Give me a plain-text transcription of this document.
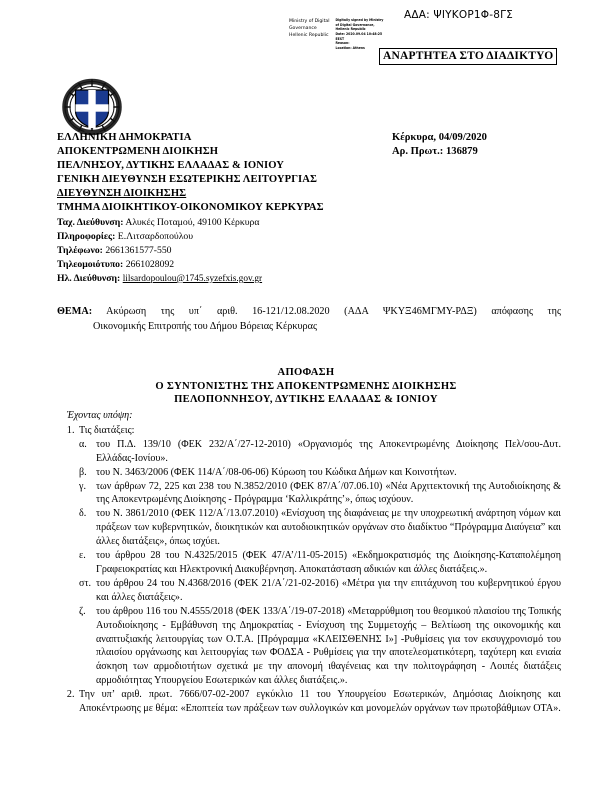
ΑΔΑ: ΨΙΥΚΟΡ1Φ-8ΓΣ
Ministry of Digital
Governance
Hellenic Republic
Digitally signed by Ministry
of Digital Governance,
Hellenic Republic
Date: 2020.09.04 10:48:25
EEST
Reason:
Location: Athens
ΑΝΑΡΤΗΤΕΑ ΣΤΟ ΔΙΑΔΙΚΤΥΟ
ΕΛΛΗΝΙΚΗ ΔΗΜΟΚΡΑΤΙΑ
ΑΠΟΚΕΝΤΡΩΜΕΝΗ ΔΙΟΙΚΗΣΗ
ΠΕΛ/ΝΗΣΟΥ, ΔΥΤΙΚΗΣ ΕΛΛΑΔΑΣ & ΙΟΝΙΟΥ
ΓΕΝΙΚΗ ΔΙΕΥΘΥΝΣΗ ΕΣΩΤΕΡΙΚΗΣ ΛΕΙΤΟΥΡΓΙΑΣ
ΔΙΕΥΘΥΝΣΗ ΔΙΟΙΚΗΣΗΣ
ΤΜΗΜΑ ΔΙΟΙΚΗΤΙΚΟΥ-ΟΙΚΟΝΟΜΙΚΟΥ ΚΕΡΚΥΡΑΣ
Ταχ. Διεύθυνση: Αλυκές Ποταμού, 49100 Κέρκυρα
Πληροφορίες: Ε.Λιτσαρδοπούλου
Τηλέφωνο: 2661361577-550
Τηλεομοιότυπο: 2661028092
Ηλ. Διεύθυνση: lilsardopoulou@1745.syzefxis.gov.gr
Κέρκυρα, 04/09/2020
Αρ. Πρωτ.: 136879
ΘΕΜΑ: Ακύρωση της υπ΄ αριθ. 16-121/12.08.2020 (ΑΔΑ ΨΚΥΞ46ΜΓΜΥ-ΡΔΞ) απόφασης της
Οικονομικής Επιτροπής του Δήμου Βόρειας Κέρκυρας
ΑΠΟΦΑΣΗ
Ο ΣΥΝΤΟΝΙΣΤΗΣ ΤΗΣ ΑΠΟΚΕΝΤΡΩΜΕΝΗΣ ΔΙΟΙΚΗΣΗΣ
ΠΕΛΟΠΟΝΝΗΣΟΥ, ΔΥΤΙΚΗΣ ΕΛΛΑΔΑΣ & ΙΟΝΙΟΥ
Έχοντας υπόψη:
1. Τις διατάξεις:
α. του Π.Δ. 139/10 (ΦΕΚ 232/Α΄/27-12-2010) «Οργανισμός της Αποκεντρωμένης Διοίκησης Πελ/σου-Δυτ. Ελλάδας-Ιονίου».
β. του Ν. 3463/2006 (ΦΕΚ 114/Α΄/08-06-06) Κύρωση του Κώδικα Δήμων και Κοινοτήτων.
γ. των άρθρων 72, 225 και 238 του Ν.3852/2010 (ΦΕΚ 87/Α΄/07.06.10) «Νέα Αρχιτεκτονική της Αυτοδιοίκησης & της Αποκεντρωμένης Διοίκησης - Πρόγραμμα ‘Καλλικράτης’», όπως ισχύουν.
δ. του Ν. 3861/2010 (ΦΕΚ 112/Α΄/13.07.2010) «Ενίσχυση της διαφάνειας με την υποχρεωτική ανάρτηση νόμων και πράξεων των κυβερνητικών, διοικητικών και αυτοδιοικητικών οργάνων στο διαδίκτυο “Πρόγραμμα Διαύγεια” και άλλες διατάξεις», όπως ισχύει.
ε. του άρθρου 28 του Ν.4325/2015 (ΦΕΚ 47/Α’/11-05-2015) «Εκδημοκρατισμός της Διοίκησης-Καταπολέμηση Γραφειοκρατίας και Ηλεκτρονική Διακυβέρνηση. Αποκατάσταση αδικιών και άλλες διατάξεις.».
στ. του άρθρου 24 του Ν.4368/2016 (ΦΕΚ 21/Α΄/21-02-2016) «Μέτρα για την επιτάχυνση του κυβερνητικού έργου και άλλες διατάξεις».
ζ. του άρθρου 116 του Ν.4555/2018 (ΦΕΚ 133/Α΄/19-07-2018) «Μεταρρύθμιση του θεσμικού πλαισίου της Τοπικής Αυτοδιοίκησης - Εμβάθυνση της Δημοκρατίας - Ενίσχυση της Συμμετοχής – Βελτίωση της οικονομικής και αναπτυξιακής λειτουργίας των Ο.Τ.Α. [Πρόγραμμα «ΚΛΕΙΣΘΕΝΗΣ Ι»] -Ρυθμίσεις για τον εκσυγχρονισμό του πλαισίου οργάνωσης και λειτουργίας των ΦΟΔΣΑ - Ρυθμίσεις για την αποτελεσματικότερη, ταχύτερη και ενιαία άσκηση των αρμοδιοτήτων σχετικά με την απονομή ιθαγένειας και την πολιτογράφηση - Λοιπές διατάξεις αρμοδιότητας Υπουργείου Εσωτερικών και άλλες διατάξεις.».
2. Την υπ’ αριθ. πρωτ. 7666/07-02-2007 εγκύκλιο 11 του Υπουργείου Εσωτερικών, Δημόσιας Διοίκησης και Αποκέντρωσης με θέμα: «Εποπτεία των πράξεων των συλλογικών και μονομελών οργάνων των πρωτοβάθμιων ΟΤΑ».
